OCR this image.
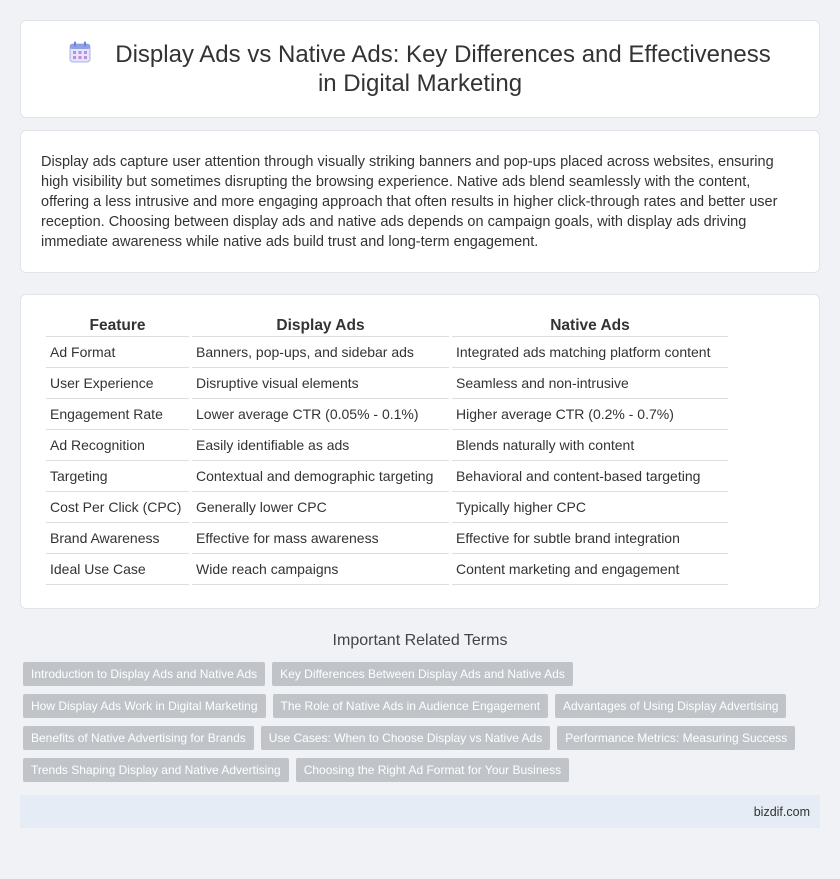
Display Ads vs Native Ads: Key Differences and Effectiveness in Digital Marketing
Display ads capture user attention through visually striking banners and pop-ups placed across websites, ensuring high visibility but sometimes disrupting the browsing experience. Native ads blend seamlessly with the content, offering a less intrusive and more engaging approach that often results in higher click-through rates and better user reception. Choosing between display ads and native ads depends on campaign goals, with display ads driving immediate awareness while native ads build trust and long-term engagement.
Feature	Display Ads	Native Ads
Ad Format	Banners, pop-ups, and sidebar ads	Integrated ads matching platform content
User Experience	Disruptive visual elements	Seamless and non-intrusive
Engagement Rate	Lower average CTR (0.05% - 0.1%)	Higher average CTR (0.2% - 0.7%)
Ad Recognition	Easily identifiable as ads	Blends naturally with content
Targeting	Contextual and demographic targeting	Behavioral and content-based targeting
Cost Per Click (CPC)	Generally lower CPC	Typically higher CPC
Brand Awareness	Effective for mass awareness	Effective for subtle brand integration
Ideal Use Case	Wide reach campaigns	Content marketing and engagement
Important Related Terms
Introduction to Display Ads and Native Ads	Key Differences Between Display Ads and Native Ads
How Display Ads Work in Digital Marketing	The Role of Native Ads in Audience Engagement	Advantages of Using Display Advertising
Benefits of Native Advertising for Brands	Use Cases: When to Choose Display vs Native Ads	Performance Metrics: Measuring Success
Trends Shaping Display and Native Advertising	Choosing the Right Ad Format for Your Business
bizdif.com
